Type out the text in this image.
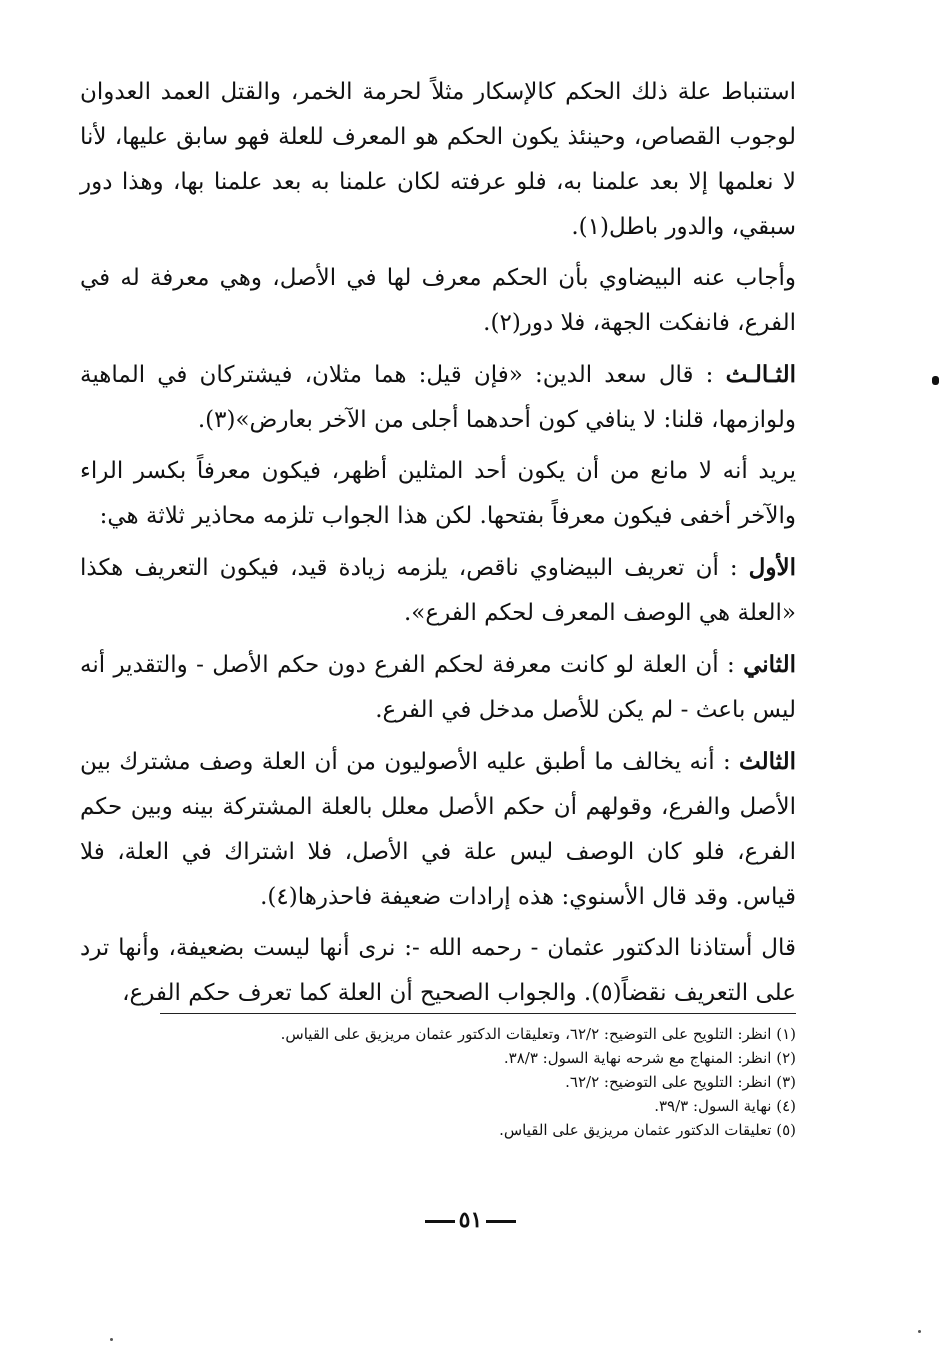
استنباط علة ذلك الحكم كالإسكار مثلاً لحرمة الخمر، والقتل العمد العدوان لوجوب القصاص، وحينئذ يكون الحكم هو المعرف للعلة فهو سابق عليها، لأنا لا نعلمها إلا بعد علمنا به، فلو عرفته لكان علمنا به بعد علمنا بها، وهذا دور سبقي، والدور باطل(١).

وأجاب عنه البيضاوي بأن الحكم معرف لها في الأصل، وهي معرفة له في الفرع، فانفكت الجهة، فلا دور(٢).

الثـالـث : قال سعد الدين: «فإن قيل: هما مثلان، فيشتركان في الماهية ولوازمها، قلنا: لا ينافي كون أحدهما أجلى من الآخر بعارض»(٣).

يريد أنه لا مانع من أن يكون أحد المثلين أظهر، فيكون معرفاً بكسر الراء والآخر أخفى فيكون معرفاً بفتحها. لكن هذا الجواب تلزمه محاذير ثلاثة هي:

الأول : أن تعريف البيضاوي ناقص، يلزمه زيادة قيد، فيكون التعريف هكذا «العلة هي الوصف المعرف لحكم الفرع».

الثاني : أن العلة لو كانت معرفة لحكم الفرع دون حكم الأصل - والتقدير أنه ليس باعث - لم يكن للأصل مدخل في الفرع.

الثالث : أنه يخالف ما أطبق عليه الأصوليون من أن العلة وصف مشترك بين الأصل والفرع، وقولهم أن حكم الأصل معلل بالعلة المشتركة بينه وبين حكم الفرع، فلو كان الوصف ليس علة في الأصل، فلا اشتراك في العلة، فلا قياس. وقد قال الأسنوي: هذه إرادات ضعيفة فاحذرها(٤).

قال أستاذنا الدكتور عثمان - رحمه الله -: نرى أنها ليست بضعيفة، وأنها ترد على التعريف نقضاً(٥). والجواب الصحيح أن العلة كما تعرف حكم الفرع،

(١) انظر: التلويح على التوضيح: ٦٢/٢، وتعليقات الدكتور عثمان مريزيق على القياس.

(٢) انظر: المنهاج مع شرحه نهاية السول: ٣٨/٣.

(٣) انظر: التلويح على التوضيح: ٦٢/٢.

(٤) نهاية السول: ٣٩/٣.

(٥) تعليقات الدكتور عثمان مريزيق على القياس.

٥١
